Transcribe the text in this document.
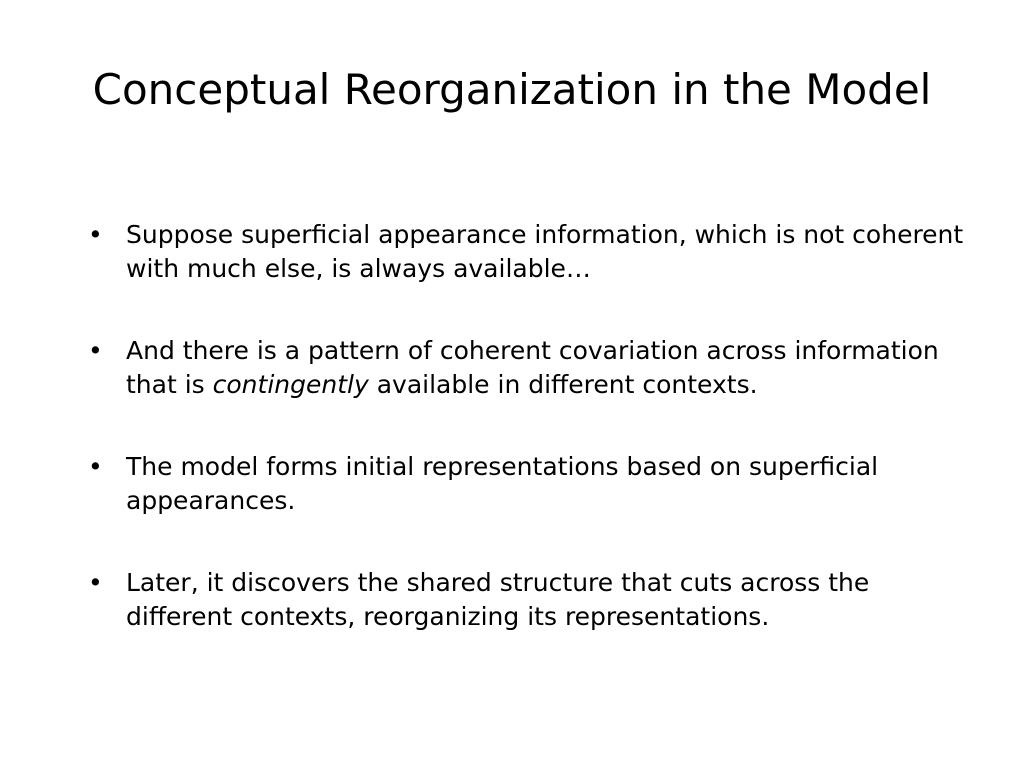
Conceptual Reorganization in the Model
•
Suppose superficial appearance information, which is not coherent with much else, is always available…
•
And there is a pattern of coherent covariation across information that is contingently available in different contexts.
•
The model forms initial representations based on superficial appearances.
•
Later, it discovers the shared structure that cuts across the different contexts, reorganizing its representations.
